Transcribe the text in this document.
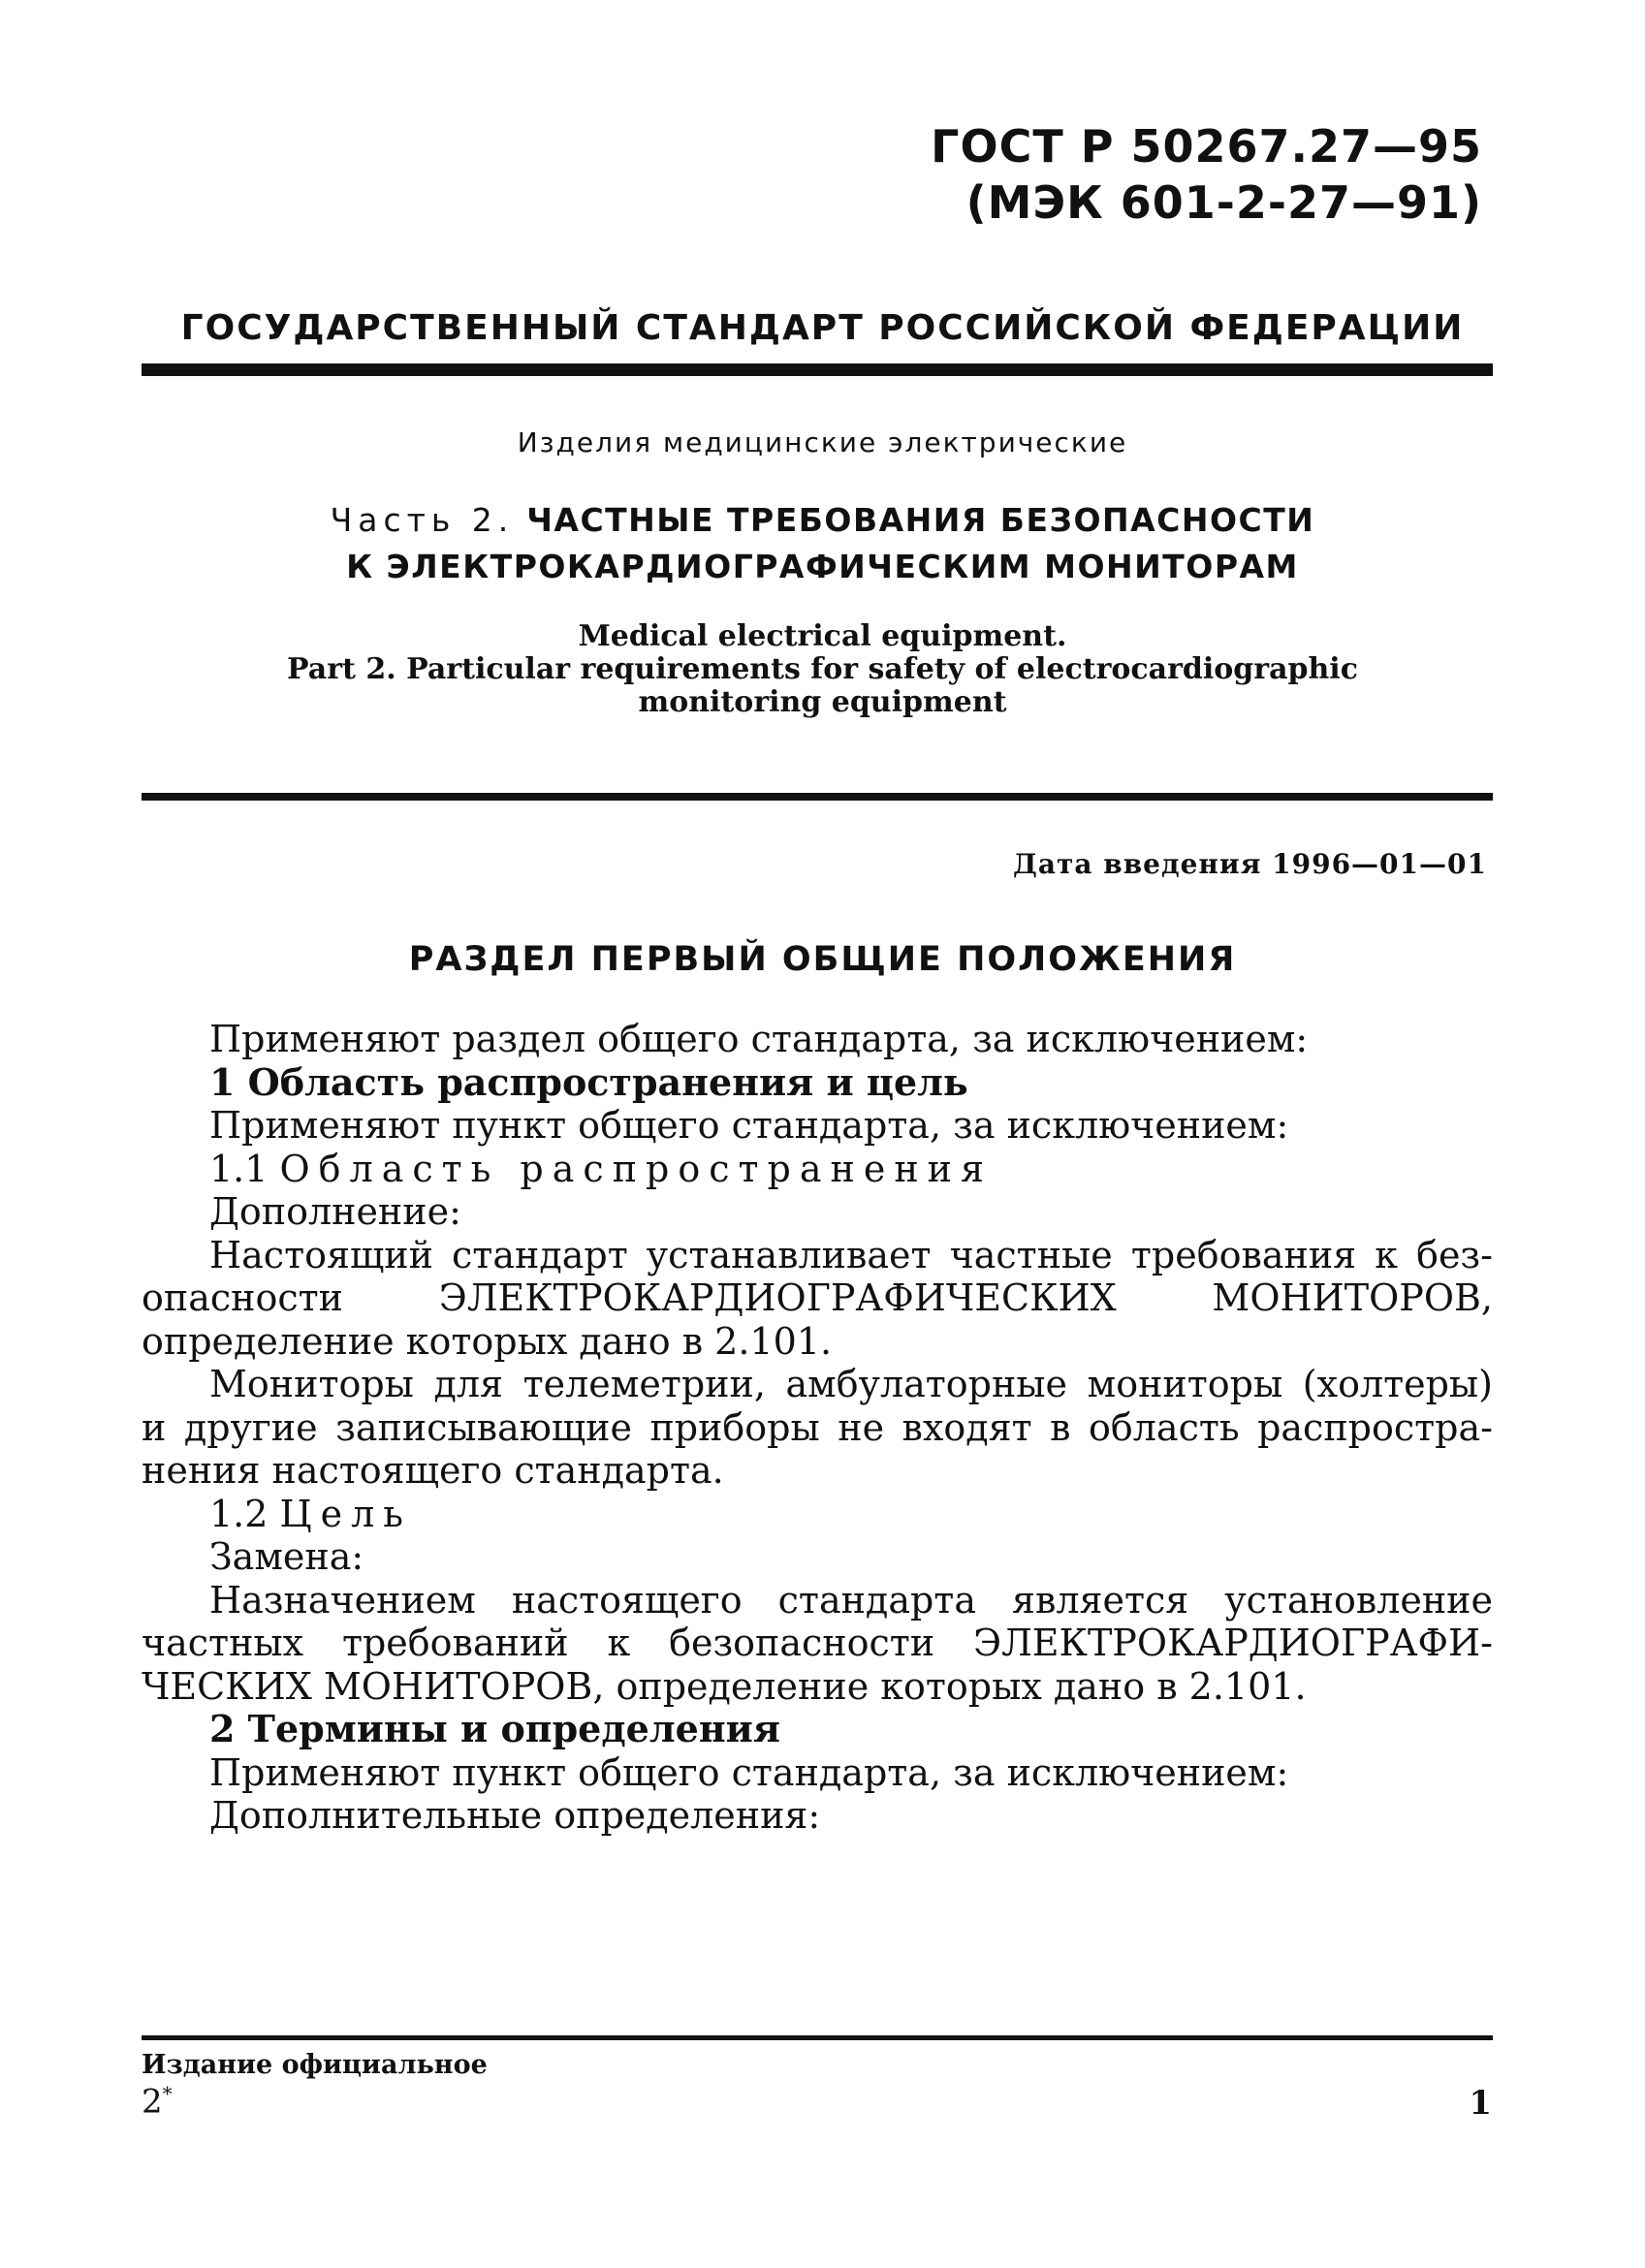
ГОСТ Р 50267.27—95
(МЭК 601-2-27—91)
ГОСУДАРСТВЕННЫЙ СТАНДАРТ РОССИЙСКОЙ ФЕДЕРАЦИИ
Изделия медицинские электрические
Часть 2. ЧАСТНЫЕ ТРЕБОВАНИЯ БЕЗОПАСНОСТИ
К ЭЛЕКТРОКАРДИОГРАФИЧЕСКИМ МОНИТОРАМ
Medical electrical equipment.
Part 2. Particular requirements for safety of electrocardiographic
monitoring equipment
Дата введения 1996—01—01
РАЗДЕЛ ПЕРВЫЙ ОБЩИЕ ПОЛОЖЕНИЯ

Применяют раздел общего стандарта, за исключением:

1 Область распространения и цель

Применяют пункт общего стандарта, за исключением:

1.1 Область распространения

Дополнение:

Настоящий стандарт устанавливает частные требования к без-

опасности ЭЛЕКТРОКАРДИОГРАФИЧЕСКИХ МОНИТОРОВ,

определение которых дано в 2.101.

Мониторы для телеметрии, амбулаторные мониторы (холтеры)

и другие записывающие приборы не входят в область распростра-

нения настоящего стандарта.

1.2 Цель

Замена:

Назначением настоящего стандарта является установление

частных требований к безопасности ЭЛЕКТРОКАРДИОГРАФИ-

ЧЕСКИХ МОНИТОРОВ, определение которых дано в 2.101.

2 Термины и определения

Применяют пункт общего стандарта, за исключением:

Дополнительные определения:

Издание официальное
2*	1
